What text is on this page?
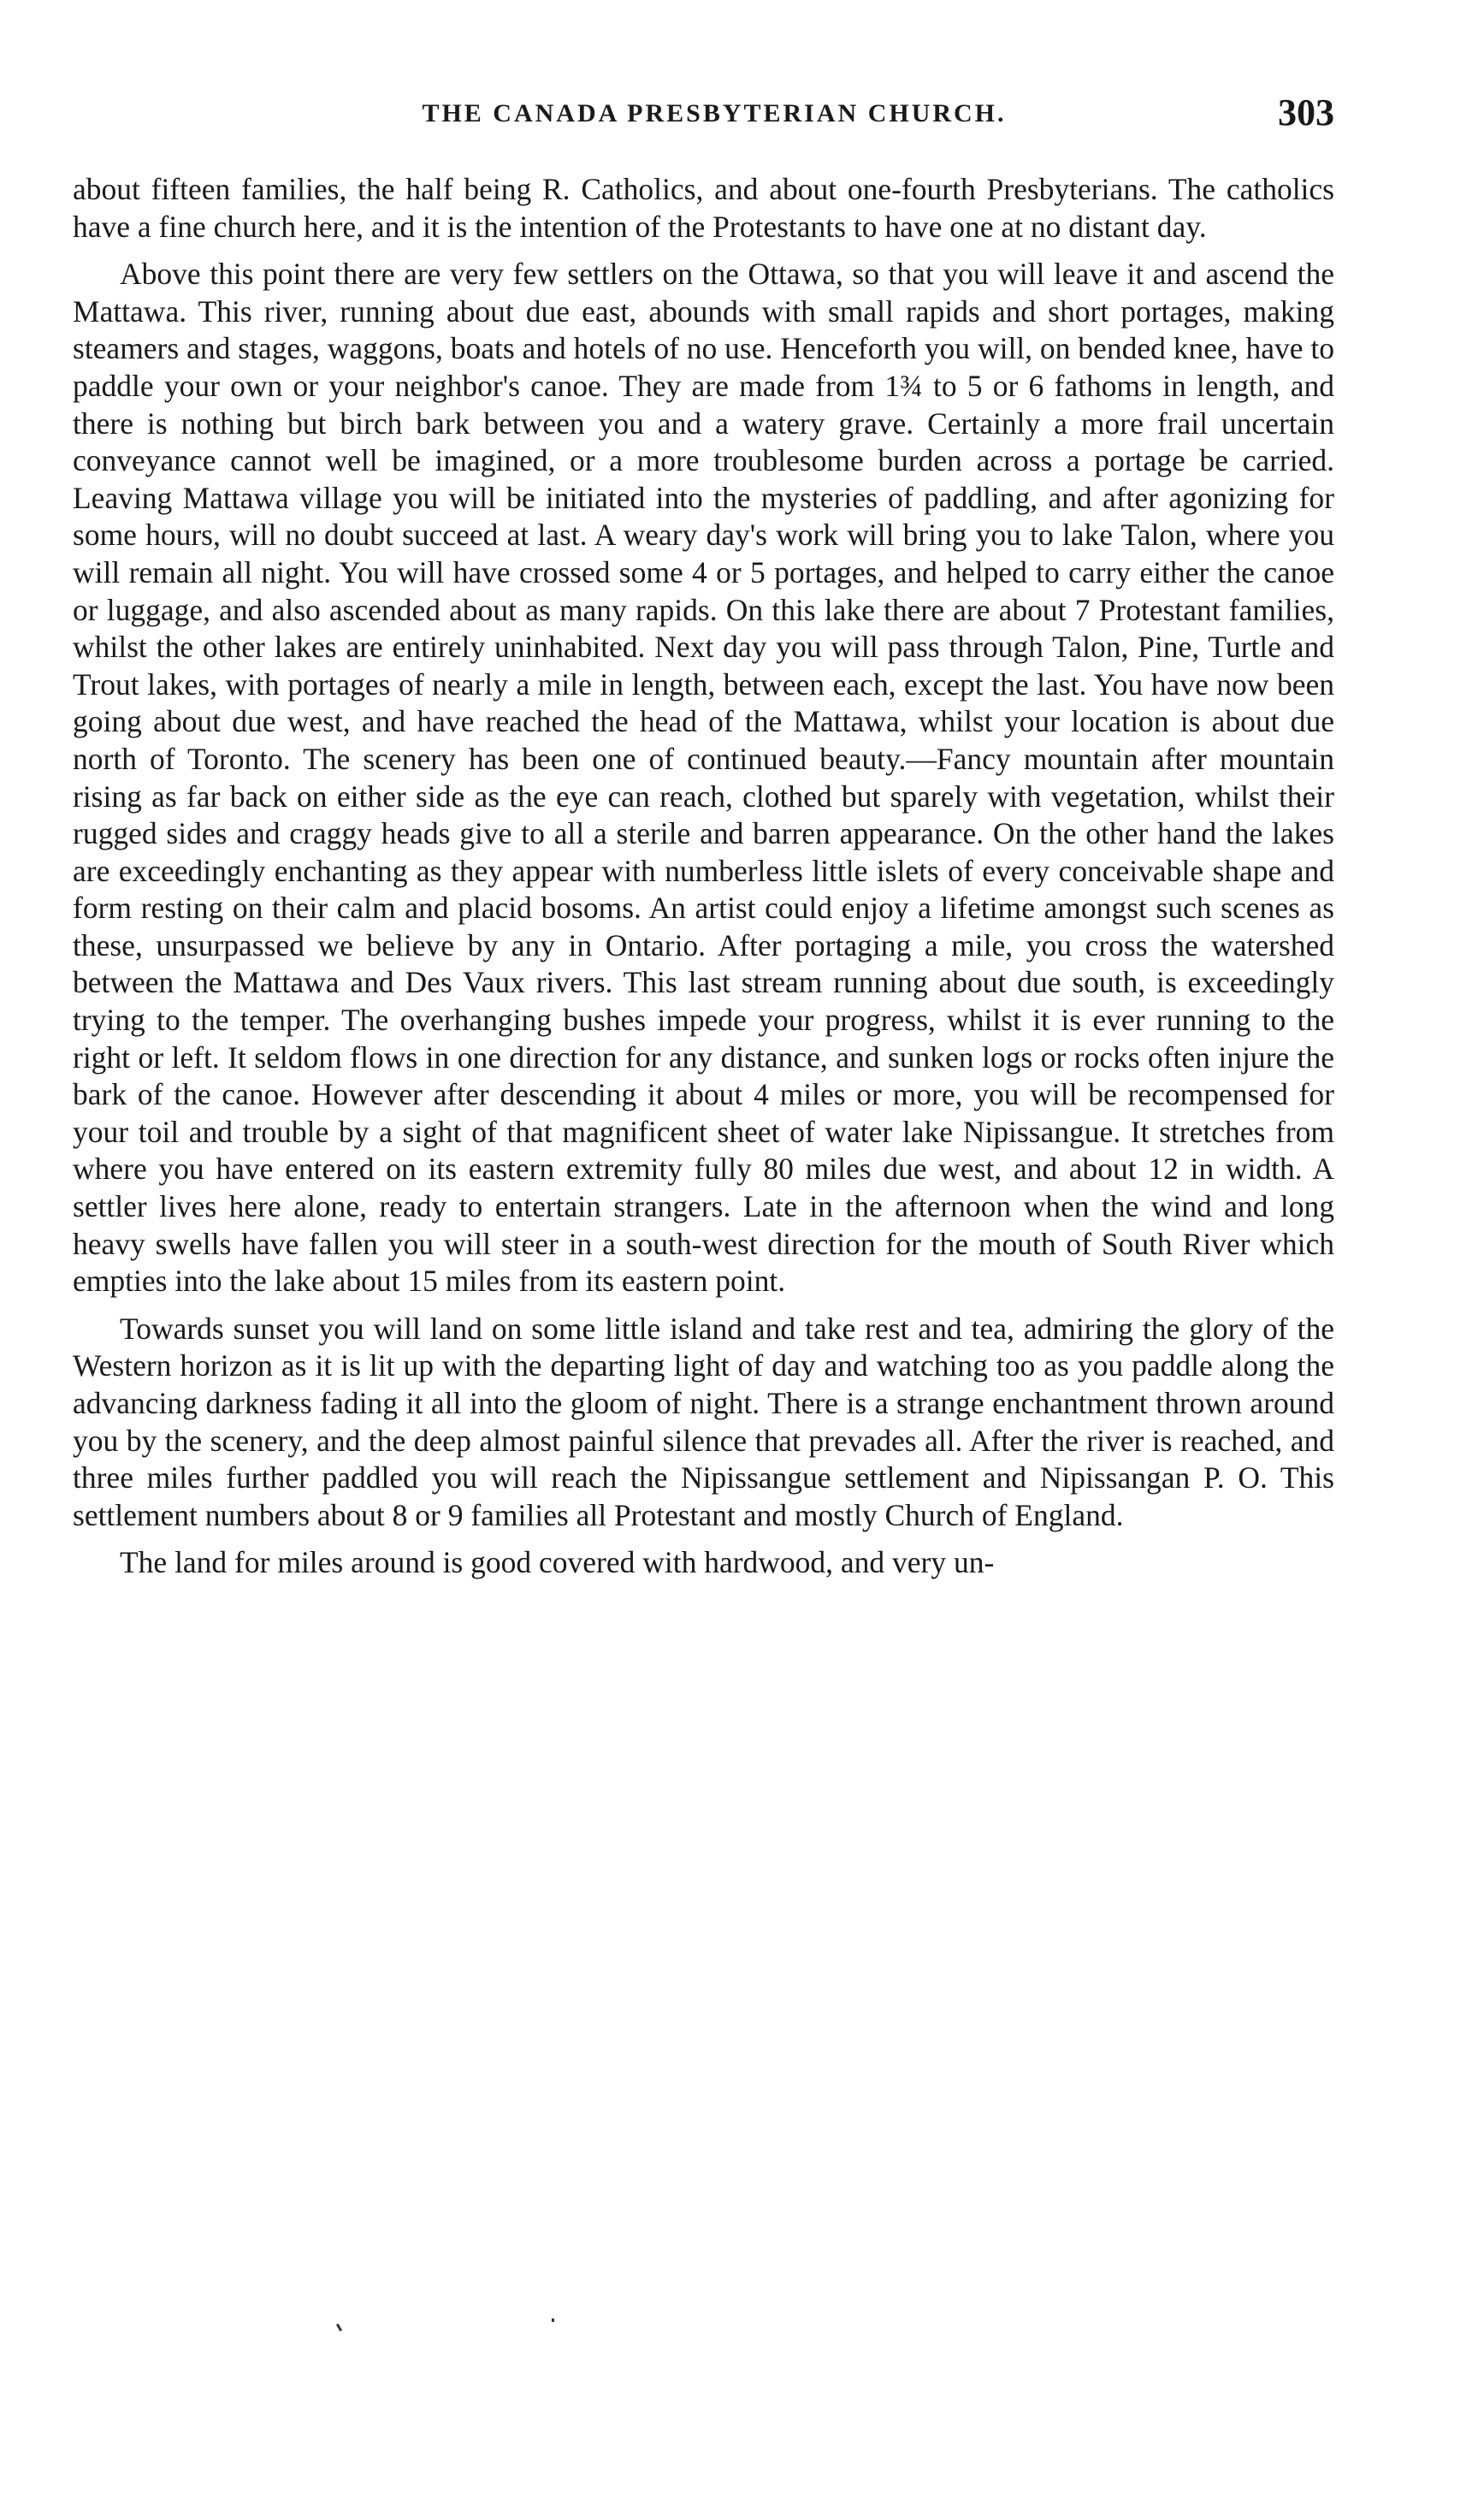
THE CANADA PRESBYTERIAN CHURCH.	303

about fifteen families, the half being R. Catholics, and about one-fourth Presbyterians. The catholics have a fine church here, and it is the intention of the Protestants to have one at no distant day.

Above this point there are very few settlers on the Ottawa, so that you will leave it and ascend the Mattawa. This river, running about due east, abounds with small rapids and short portages, making steamers and stages, waggons, boats and hotels of no use. Henceforth you will, on bended knee, have to paddle your own or your neighbor's canoe. They are made from 1¾ to 5 or 6 fathoms in length, and there is nothing but birch bark between you and a watery grave. Certainly a more frail uncertain conveyance cannot well be imagined, or a more troublesome burden across a portage be carried. Leaving Mattawa village you will be initiated into the mysteries of paddling, and after agonizing for some hours, will no doubt succeed at last. A weary day's work will bring you to lake Talon, where you will remain all night. You will have crossed some 4 or 5 portages, and helped to carry either the canoe or luggage, and also ascended about as many rapids. On this lake there are about 7 Protestant families, whilst the other lakes are entirely uninhabited. Next day you will pass through Talon, Pine, Turtle and Trout lakes, with portages of nearly a mile in length, between each, except the last. You have now been going about due west, and have reached the head of the Mattawa, whilst your location is about due north of Toronto. The scenery has been one of continued beauty.—Fancy mountain after mountain rising as far back on either side as the eye can reach, clothed but sparely with vegetation, whilst their rugged sides and craggy heads give to all a sterile and barren appearance. On the other hand the lakes are exceedingly enchanting as they appear with numberless little islets of every conceivable shape and form resting on their calm and placid bosoms. An artist could enjoy a lifetime amongst such scenes as these, unsurpassed we believe by any in Ontario. After portaging a mile, you cross the watershed between the Mattawa and Des Vaux rivers. This last stream running about due south, is exceedingly trying to the temper. The overhanging bushes impede your progress, whilst it is ever running to the right or left. It seldom flows in one direction for any distance, and sunken logs or rocks often injure the bark of the canoe. However after descending it about 4 miles or more, you will be recompensed for your toil and trouble by a sight of that magnificent sheet of water lake Nipissangue. It stretches from where you have entered on its eastern extremity fully 80 miles due west, and about 12 in width. A settler lives here alone, ready to entertain strangers. Late in the afternoon when the wind and long heavy swells have fallen you will steer in a south-west direction for the mouth of South River which empties into the lake about 15 miles from its eastern point.

Towards sunset you will land on some little island and take rest and tea, admiring the glory of the Western horizon as it is lit up with the departing light of day and watching too as you paddle along the advancing darkness fading it all into the gloom of night. There is a strange enchantment thrown around you by the scenery, and the deep almost painful silence that prevades all. After the river is reached, and three miles further paddled you will reach the Nipissangue settlement and Nipissangan P. O. This settlement numbers about 8 or 9 families all Protestant and mostly Church of England.

The land for miles around is good covered with hardwood, and very un-
